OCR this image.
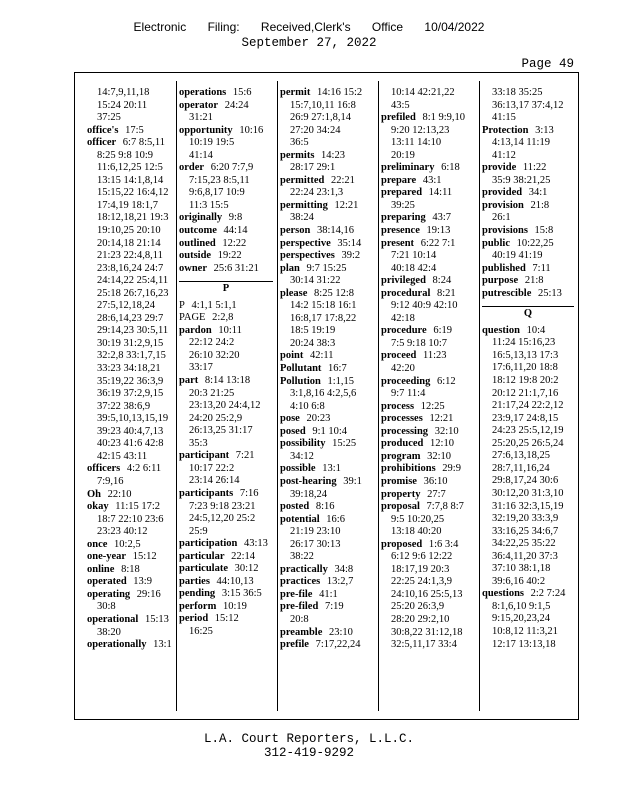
Electronic Filing: Received,Clerk's Office 10/04/2022
September 27, 2022
Page 49
14:7,9,11,18
15:24 20:11
37:25
office's 17:5
officer 6:7 8:5,11
8:25 9:8 10:9
11:6,12,25 12:5
13:15 14:1,8,14
15:15,22 16:4,12
17:4,19 18:1,7
18:12,18,21 19:3
19:10,25 20:10
20:14,18 21:14
21:23 22:4,8,11
23:8,16,24 24:7
24:14,22 25:4,11
25:18 26:7,16,23
27:5,12,18,24
28:6,14,23 29:7
29:14,23 30:5,11
30:19 31:2,9,15
32:2,8 33:1,7,15
33:23 34:18,21
35:19,22 36:3,9
36:19 37:2,9,15
37:22 38:6,9
39:5,10,13,15,19
39:23 40:4,7,13
40:23 41:6 42:8
42:15 43:11
officers 4:2 6:11
7:9,16
Oh 22:10
okay 11:15 17:2
18:7 22:10 23:6
23:23 40:12
once 10:2,5
one-year 15:12
online 8:18
operated 13:9
operating 29:16
30:8
operational 15:13
38:20
operationally 13:1
operations 15:6
operator 24:24
31:21
opportunity 10:16
10:19 19:5
41:14
order 6:20 7:7,9
7:15,23 8:5,11
9:6,8,17 10:9
11:3 15:5
originally 9:8
outcome 44:14
outlined 12:22
outside 19:22
owner 25:6 31:21
P
P 4:1,1 5:1,1
PAGE 2:2,8
pardon 10:11
22:12 24:2
26:10 32:20
33:17
part 8:14 13:18
20:3 21:25
23:13,20 24:4,12
24:20 25:2,9
26:13,25 31:17
35:3
participant 7:21
10:17 22:2
23:14 26:14
participants 7:16
7:23 9:18 23:21
24:5,12,20 25:2
25:9
participation 43:13
particular 22:14
particulate 30:12
parties 44:10,13
pending 3:15 36:5
perform 10:19
period 15:12
16:25
permit 14:16 15:2
15:7,10,11 16:8
26:9 27:1,8,14
27:20 34:24
36:5
permits 14:23
28:17 29:1
permitted 22:21
22:24 23:1,3
permitting 12:21
38:24
person 38:14,16
perspective 35:14
perspectives 39:2
plan 9:7 15:25
30:14 31:22
please 8:25 12:8
14:2 15:18 16:1
16:8,17 17:8,22
18:5 19:19
20:24 38:3
point 42:11
Pollutant 16:7
Pollution 1:1,15
3:1,8,16 4:2,5,6
4:10 6:8
pose 20:23
posed 9:1 10:4
possibility 15:25
34:12
possible 13:1
post-hearing 39:1
39:18,24
posted 8:16
potential 16:6
21:19 23:10
26:17 30:13
38:22
practically 34:8
practices 13:2,7
pre-file 41:1
pre-filed 7:19
20:8
preamble 23:10
prefile 7:17,22,24
10:14 42:21,22
43:5
prefiled 8:1 9:9,10
9:20 12:13,23
13:11 14:10
20:19
preliminary 6:18
prepare 43:1
prepared 14:11
39:25
preparing 43:7
presence 19:13
present 6:22 7:1
7:21 10:14
40:18 42:4
privileged 8:24
procedural 8:21
9:12 40:9 42:10
42:18
procedure 6:19
7:5 9:18 10:7
proceed 11:23
42:20
proceeding 6:12
9:7 11:4
process 12:25
processes 12:21
processing 32:10
produced 12:10
program 32:10
prohibitions 29:9
promise 36:10
property 27:7
proposal 7:7,8 8:7
9:5 10:20,25
13:18 40:20
proposed 1:6 3:4
6:12 9:6 12:22
18:17,19 20:3
22:25 24:1,3,9
24:10,16 25:5,13
25:20 26:3,9
28:20 29:2,10
30:8,22 31:12,18
32:5,11,17 33:4
33:18 35:25
36:13,17 37:4,12
41:15
Protection 3:13
4:13,14 11:19
41:12
provide 11:22
35:9 38:21,25
provided 34:1
provision 21:8
26:1
provisions 15:8
public 10:22,25
40:19 41:19
published 7:11
purpose 21:8
putrescible 25:13
Q
question 10:4
11:24 15:16,23
16:5,13,13 17:3
17:6,11,20 18:8
18:12 19:8 20:2
20:12 21:1,7,16
21:17,24 22:2,12
23:9,17 24:8,15
24:23 25:5,12,19
25:20,25 26:5,24
27:6,13,18,25
28:7,11,16,24
29:8,17,24 30:6
30:12,20 31:3,10
31:16 32:3,15,19
32:19,20 33:3,9
33:16,25 34:6,7
34:22,25 35:22
36:4,11,20 37:3
37:10 38:1,18
39:6,16 40:2
questions 2:2 7:24
8:1,6,10 9:1,5
9:15,20,23,24
10:8,12 11:3,21
12:17 13:13,18
L.A. Court Reporters, L.L.C.
312-419-9292
